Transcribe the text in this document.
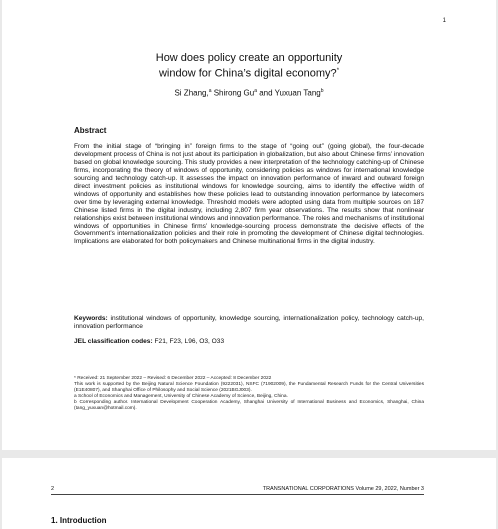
1
How does policy create an opportunity
window for China’s digital economy?*
Si Zhang,$^a$ Shirong Gu$^a$ and Yuxuan Tang$^b$
Abstract
From the initial stage of “bringing in” foreign firms to the stage of “going out” (going global), the four-decade development process of China is not just about its participation in globalization, but also about Chinese firms’ innovation based on global knowledge sourcing. This study provides a new interpretation of the technology catching-up of Chinese firms, incorporating the theory of windows of opportunity, considering policies as windows for international knowledge sourcing and technology catch-up. It assesses the impact on innovation performance of inward and outward foreign direct investment policies as institutional windows for knowledge sourcing, aims to identify the effective width of windows of opportunity and establishes how these policies lead to outstanding innovation performance by latecomers over time by leveraging external knowledge. Threshold models were adopted using data from multiple sources on 187 Chinese listed firms in the digital industry, including 2,807 firm year observations. The results show that nonlinear relationships exist between institutional windows and innovation performance. The roles and mechanisms of institutional windows of opportunities in Chinese firms’ knowledge-sourcing process demonstrate the decisive effects of the Government’s internationalization policies and their role in promoting the development of Chinese digital technologies. Implications are elaborated for both policymakers and Chinese multinational firms in the digital industry.
Keywords: institutional windows of opportunity, knowledge sourcing, internationalization policy, technology catch-up, innovation performance
JEL classification codes: F21, F23, L96, O3, O33

* Received: 21 September 2022 – Revised: 6 December 2022 – Accepted: 8 December 2022

This work is supported by the Beijing Natural Science Foundation (9222031), NSFC (71902009), the Fundamental Research Funds for the Central Universities (E1E40807), and Shanghai Office of Philosophy and Social Science (2021BGJ003).

a School of Economics and Management, University of Chinese Academy of Science, Beijing, China.

b Corresponding author. International Development Cooperation Academy, Shanghai University of International Business and Economics, Shanghai, China (tang_yuxuan@hotmail.com).

2	TRANSNATIONAL CORPORATIONS Volume 29, 2022, Number 3
1. Introduction
